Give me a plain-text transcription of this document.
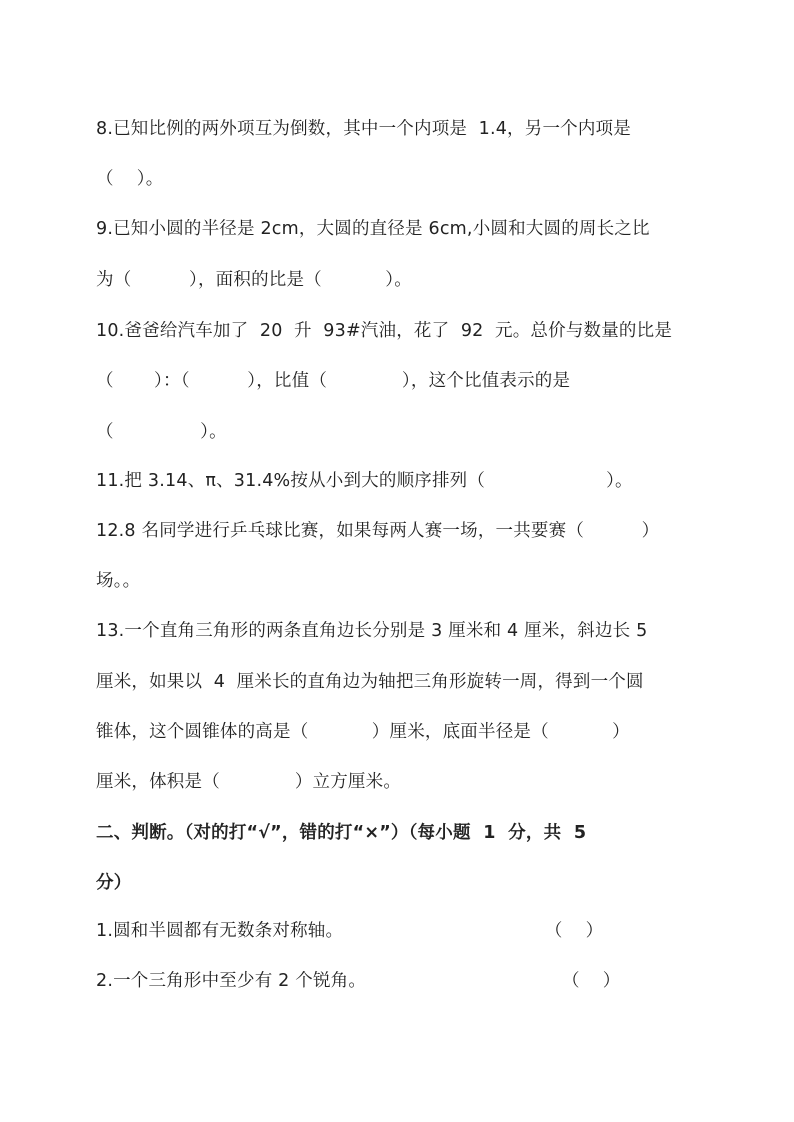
8.已知比例的两外项互为倒数，其中一个内项是  1.4，另一个内项是
（    ）。
9.已知小圆的半径是 2cm，大圆的直径是 6cm,小圆和大圆的周长之比
为（          ），面积的比是（           ）。
10.爸爸给汽车加了  20  升  93#汽油，花了  92  元。总价与数量的比是
（       ）：（          ），比值（             ），这个比值表示的是
（               ）。
11.把 3.14、π、31.4%按从小到大的顺序排列（                     ）。
12.8 名同学进行乒乓球比赛，如果每两人赛一场，一共要赛（          ）
场。。
13.一个直角三角形的两条直角边长分别是 3 厘米和 4 厘米，斜边长 5
厘米，如果以  4  厘米长的直角边为轴把三角形旋转一周，得到一个圆
锥体，这个圆锥体的高是（           ）厘米，底面半径是（           ）
厘米，体积是（             ）立方厘米。
二、判断。（对的打“√”，错的打“×”）（每小题  1  分，共  5
分）
1.圆和半圆都有无数条对称轴。                                   （    ）
2.一个三角形中至少有 2 个锐角。                                  （    ）
